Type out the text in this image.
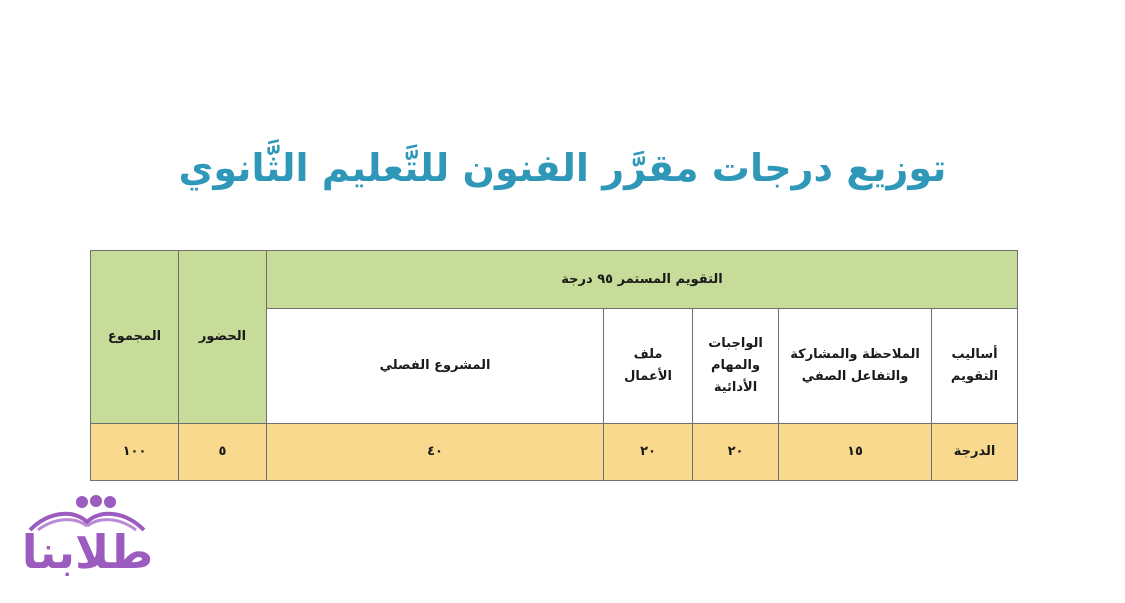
توزيع درجات مقرَّر الفنون للتَّعليم الثَّانوي
التقويم المستمر ٩٥ درجة					الحضور	المجموع
أساليب التقويم	الملاحظة والمشاركة والتفاعل الصفي	الواجبات والمهام الأدائية	ملف الأعمال	المشروع الفصلي		
الدرجة	١٥	٢٠	٢٠	٤٠	٥	١٠٠
طلابنا
